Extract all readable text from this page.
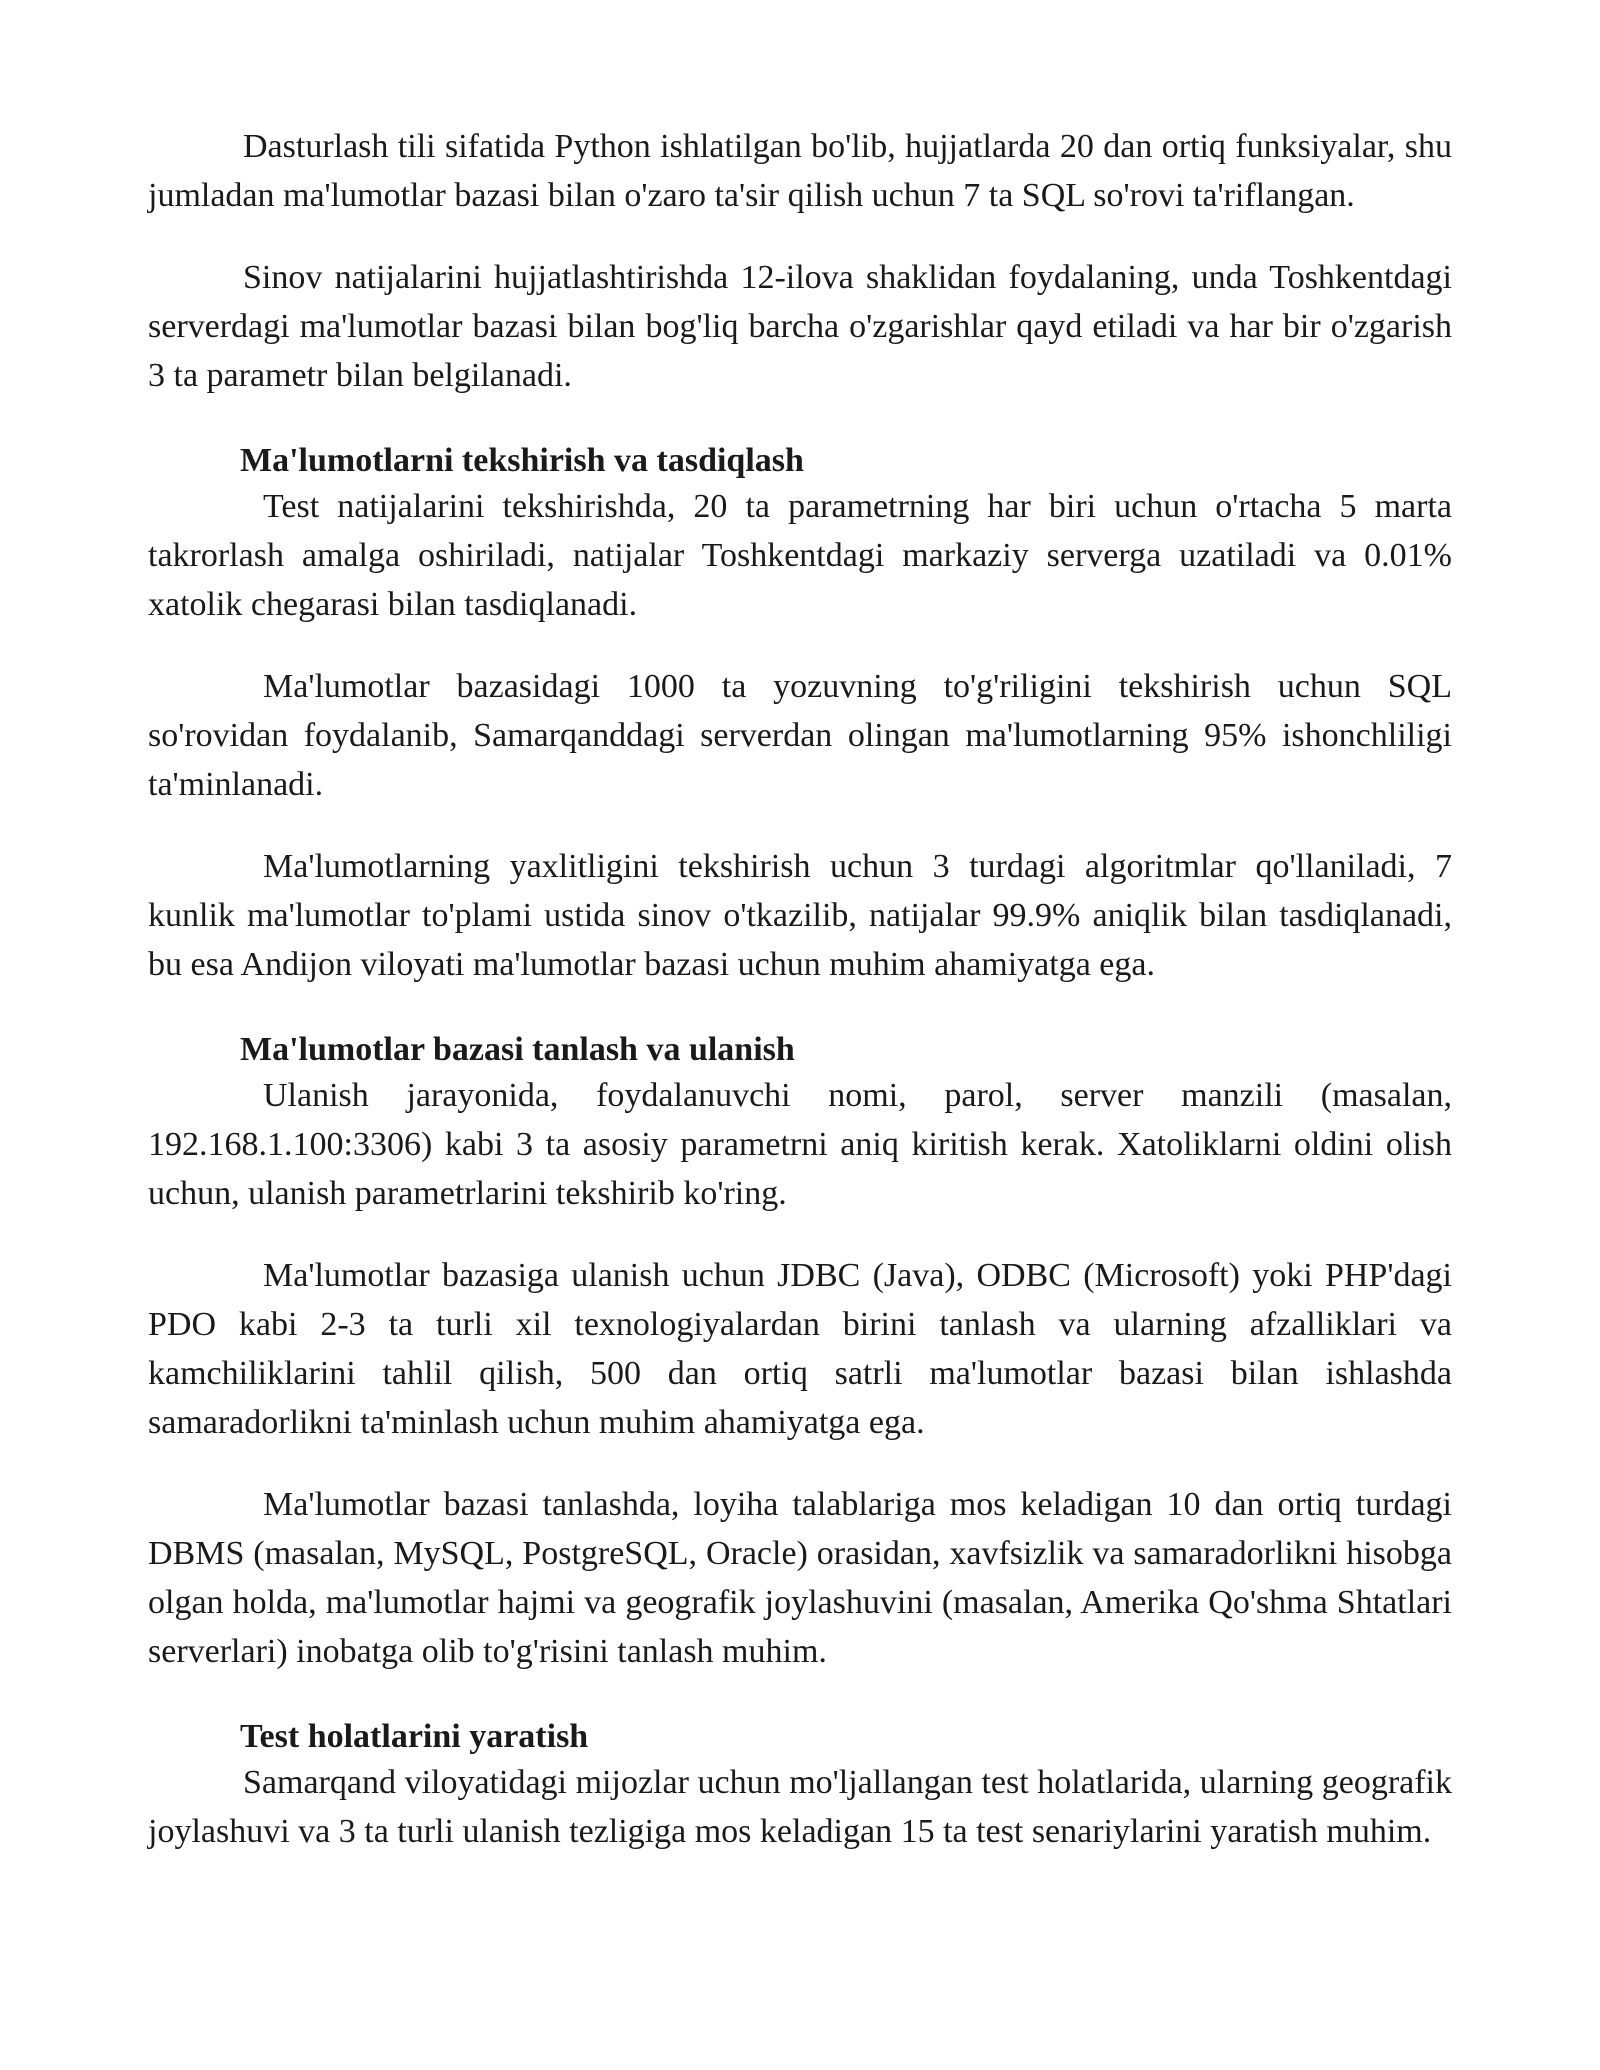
Dasturlash tili sifatida Python ishlatilgan bo'lib, hujjatlarda 20 dan ortiq funksiyalar, shu jumladan ma'lumotlar bazasi bilan o'zaro ta'sir qilish uchun 7 ta SQL so'rovi ta'riflangan.

Sinov natijalarini hujjatlashtirishda 12-ilova shaklidan foydalaning, unda Toshkentdagi serverdagi ma'lumotlar bazasi bilan bog'liq barcha o'zgarishlar qayd etiladi va har bir o'zgarish 3 ta parametr bilan belgilanadi.

Ma'lumotlarni tekshirish va tasdiqlash

Test natijalarini tekshirishda, 20 ta parametrning har biri uchun o'rtacha 5 marta takrorlash amalga oshiriladi, natijalar Toshkentdagi markaziy serverga uzatiladi va 0.01% xatolik chegarasi bilan tasdiqlanadi.

Ma'lumotlar bazasidagi 1000 ta yozuvning to'g'riligini tekshirish uchun SQL so'rovidan foydalanib, Samarqanddagi serverdan olingan ma'lumotlarning 95% ishonchliligi ta'minlanadi.

Ma'lumotlarning yaxlitligini tekshirish uchun 3 turdagi algoritmlar qo'llaniladi, 7 kunlik ma'lumotlar to'plami ustida sinov o'tkazilib, natijalar 99.9% aniqlik bilan tasdiqlanadi, bu esa Andijon viloyati ma'lumotlar bazasi uchun muhim ahamiyatga ega.

Ma'lumotlar bazasi tanlash va ulanish

Ulanish jarayonida, foydalanuvchi nomi, parol, server manzili (masalan, 192.168.1.100:3306) kabi 3 ta asosiy parametrni aniq kiritish kerak. Xatoliklarni oldini olish uchun, ulanish parametrlarini tekshirib ko'ring.

Ma'lumotlar bazasiga ulanish uchun JDBC (Java), ODBC (Microsoft) yoki PHP'dagi PDO kabi 2-3 ta turli xil texnologiyalardan birini tanlash va ularning afzalliklari va kamchiliklarini tahlil qilish, 500 dan ortiq satrli ma'lumotlar bazasi bilan ishlashda samaradorlikni ta'minlash uchun muhim ahamiyatga ega.

Ma'lumotlar bazasi tanlashda, loyiha talablariga mos keladigan 10 dan ortiq turdagi DBMS (masalan, MySQL, PostgreSQL, Oracle) orasidan, xavfsizlik va samaradorlikni hisobga olgan holda, ma'lumotlar hajmi va geografik joylashuvini (masalan, Amerika Qo'shma Shtatlari serverlari) inobatga olib to'g'risini tanlash muhim.

Test holatlarini yaratish

Samarqand viloyatidagi mijozlar uchun mo'ljallangan test holatlarida, ularning geografik joylashuvi va 3 ta turli ulanish tezligiga mos keladigan 15 ta test senariylarini yaratish muhim.
